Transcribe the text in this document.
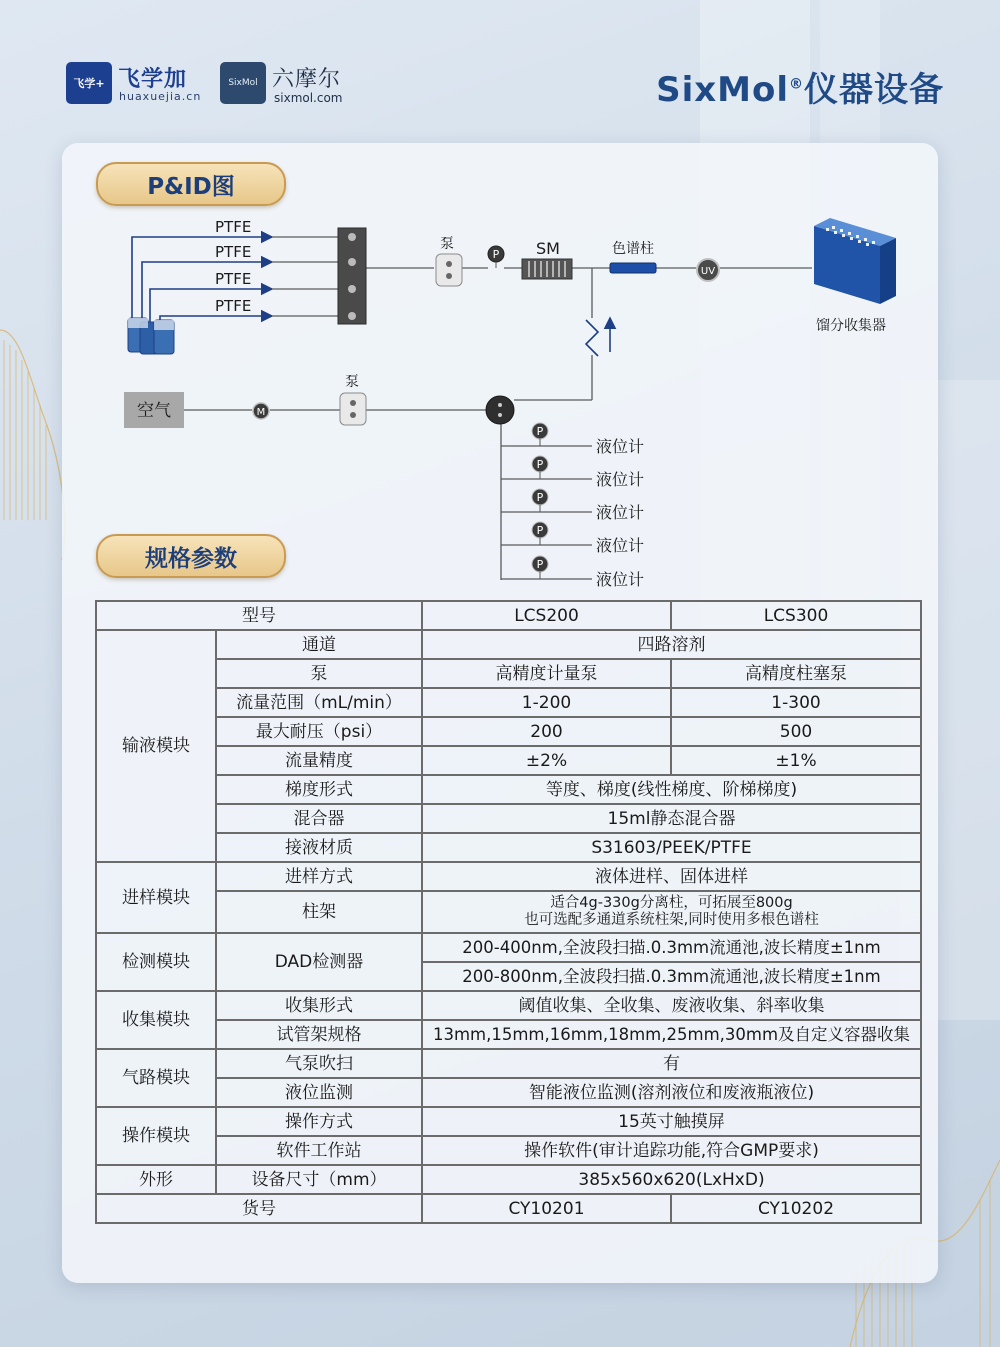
飞学+ 飞学加
huaxuejia.cn
SixMol 六摩尔
sixmol.com	SixMol®仪器设备
P&ID图
规格参数
PTFE
PTFE
PTFE
PTFE
泵
P SM	色谱柱
UV
馏分收集器
空气	M
泵
P
P
P
P
P
液位计
液位计
液位计
液位计
液位计
型号		LCS200	LCS300
输液模块	通道	四路溶剂	
	泵	高精度计量泵	高精度柱塞泵
	流量范围（mL/min）	1-200	1-300
	最大耐压（psi）	200	500
	流量精度	±2%	±1%
	梯度形式	等度、梯度(线性梯度、阶梯梯度)	
	混合器	15ml静态混合器	
	接液材质	S31603/PEEK/PTFE	
进样模块	进样方式	液体进样、固体进样	
	柱架	适合4g-330g分离柱，可拓展至800g
也可选配多通道系统柱架,同时使用多根色谱柱	

检测模块	DAD检测器	200-400nm,全波段扫描.0.3mm流通池,波长精度±1nm	
		200-800nm,全波段扫描.0.3mm流通池,波长精度±1nm	
收集模块	收集形式	阈值收集、全收集、废液收集、斜率收集	
	试管架规格	13mm,15mm,16mm,18mm,25mm,30mm及自定义容器收集	
气路模块	气泵吹扫	有	
	液位监测	智能液位监测(溶剂液位和废液瓶液位)	
操作模块	操作方式	15英寸触摸屏	
	软件工作站	操作软件(审计追踪功能,符合GMP要求)	
外形	设备尺寸（mm）	385x560x620(LxHxD)	
货号		CY10201	CY10202
